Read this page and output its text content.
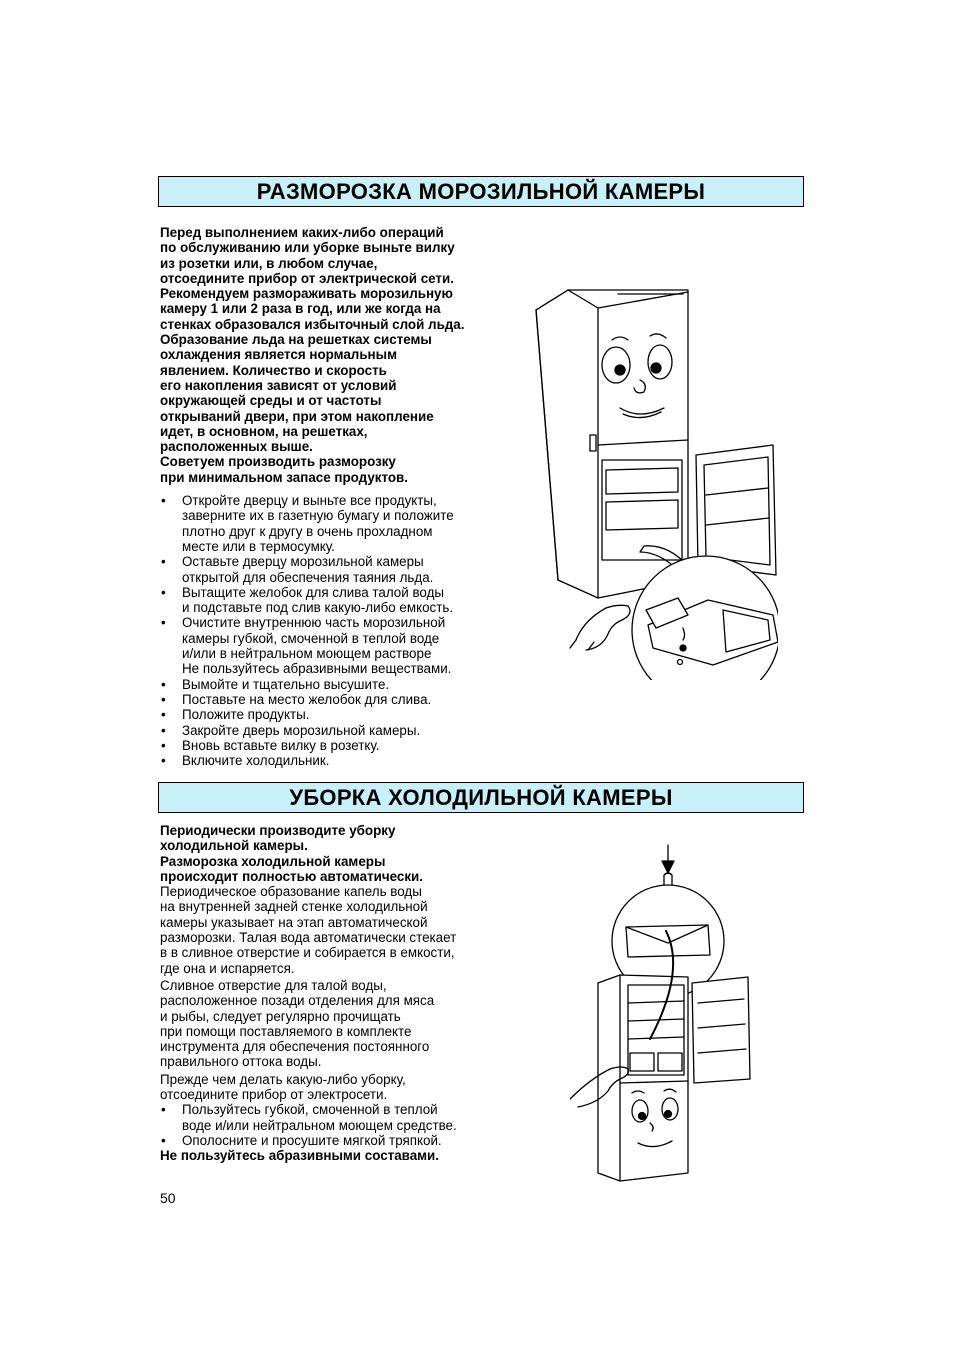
РАЗМОРОЗКА МОРОЗИЛЬНОЙ КАМЕРЫ
Перед выполнением каких-либо операций
по обслуживанию или уборке выньте вилку
из розетки или, в любом случае,
отсоедините прибор от электрической сети.
Рекомендуем размораживать морозильную
камеру 1 или 2 раза в год, или же когда на
стенках образовался избыточный слой льда.
Образование льда на решетках системы
охлаждения является нормальным
явлением. Количество и скорость
его накопления зависят от условий
окружающей среды и от частоты
открываний двери, при этом накопление
идет, в основном, на решетках,
расположенных выше.
Советуем производить разморозку
при минимальном запасе продуктов.
• Откройте дверцу и выньте все продукты,
заверните их в газетную бумагу и положите
плотно друг к другу в очень прохладном
месте или в термосумку.
• Оставьте дверцу морозильной камеры
открытой для обеспечения таяния льда.
• Вытащите желобок для слива талой воды
и подставьте под слив какую-либо емкость.
• Очистите внутреннюю часть морозильной
камеры губкой, смоченной в теплой воде
и/или в нейтральном моющем растворе
Не пользуйтесь абразивными веществами.
• Вымойте и тщательно высушите.
• Поставьте на место желобок для слива.
• Положите продукты.
• Закройте дверь морозильной камеры.
• Вновь вставьте вилку в розетку.
• Включите холодильник.
УБОРКА ХОЛОДИЛЬНОЙ КАМЕРЫ
Периодически производите уборку
холодильной камеры.
Разморозка холодильной камеры
происходит полностью автоматически.
Периодическое образование капель воды
на внутренней задней стенке холодильной
камеры указывает на этап автоматической
разморозки. Талая вода автоматически стекает
в в сливное отверстие и собирается в емкости,
где она и испаряется.
Сливное отверстие для талой воды,
расположенное позади отделения для мяса
и рыбы, следует регулярно прочищать
при помощи поставляемого в комплекте
инструмента для обеспечения постоянного
правильного оттока воды.
Прежде чем делать какую-либо уборку,
отсоедините прибор от электросети.
• Пользуйтесь губкой, смоченной в теплой
воде и/или нейтральном моющем средстве.
• Ополосните и просушите мягкой тряпкой.
Не пользуйтесь абразивными составами.
50
